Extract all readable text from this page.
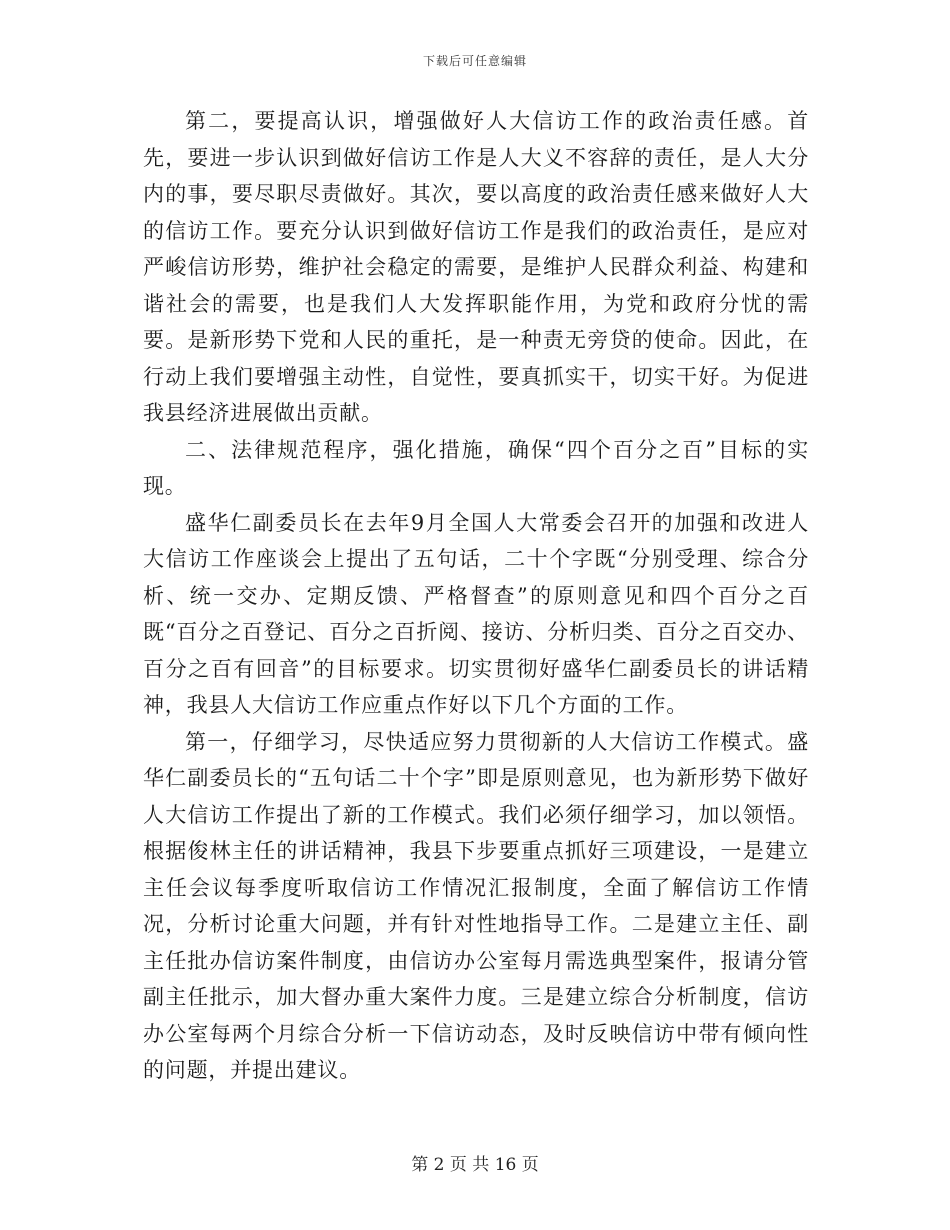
下载后可任意编辑

第二，要提高认识，增强做好人大信访工作的政治责任感。首先，要进一步认识到做好信访工作是人大义不容辞的责任，是人大分内的事，要尽职尽责做好。其次，要以高度的政治责任感来做好人大的信访工作。要充分认识到做好信访工作是我们的政治责任，是应对严峻信访形势，维护社会稳定的需要，是维护人民群众利益、构建和谐社会的需要，也是我们人大发挥职能作用，为党和政府分忧的需要。是新形势下党和人民的重托，是一种责无旁贷的使命。因此，在行动上我们要增强主动性，自觉性，要真抓实干，切实干好。为促进我县经济进展做出贡献。

二、法律规范程序，强化措施，确保“四个百分之百”目标的实现。

盛华仁副委员长在去年9月全国人大常委会召开的加强和改进人大信访工作座谈会上提出了五句话，二十个字既“分别受理、综合分析、统一交办、定期反馈、严格督查”的原则意见和四个百分之百既“百分之百登记、百分之百折阅、接访、分析归类、百分之百交办、百分之百有回音”的目标要求。切实贯彻好盛华仁副委员长的讲话精神，我县人大信访工作应重点作好以下几个方面的工作。

第一，仔细学习，尽快适应努力贯彻新的人大信访工作模式。盛华仁副委员长的“五句话二十个字”即是原则意见，也为新形势下做好人大信访工作提出了新的工作模式。我们必须仔细学习，加以领悟。根据俊林主任的讲话精神，我县下步要重点抓好三项建设，一是建立主任会议每季度听取信访工作情况汇报制度，全面了解信访工作情况，分析讨论重大问题，并有针对性地指导工作。二是建立主任、副主任批办信访案件制度，由信访办公室每月需选典型案件，报请分管副主任批示，加大督办重大案件力度。三是建立综合分析制度，信访办公室每两个月综合分析一下信访动态，及时反映信访中带有倾向性的问题，并提出建议。

第 2 页 共 16 页
